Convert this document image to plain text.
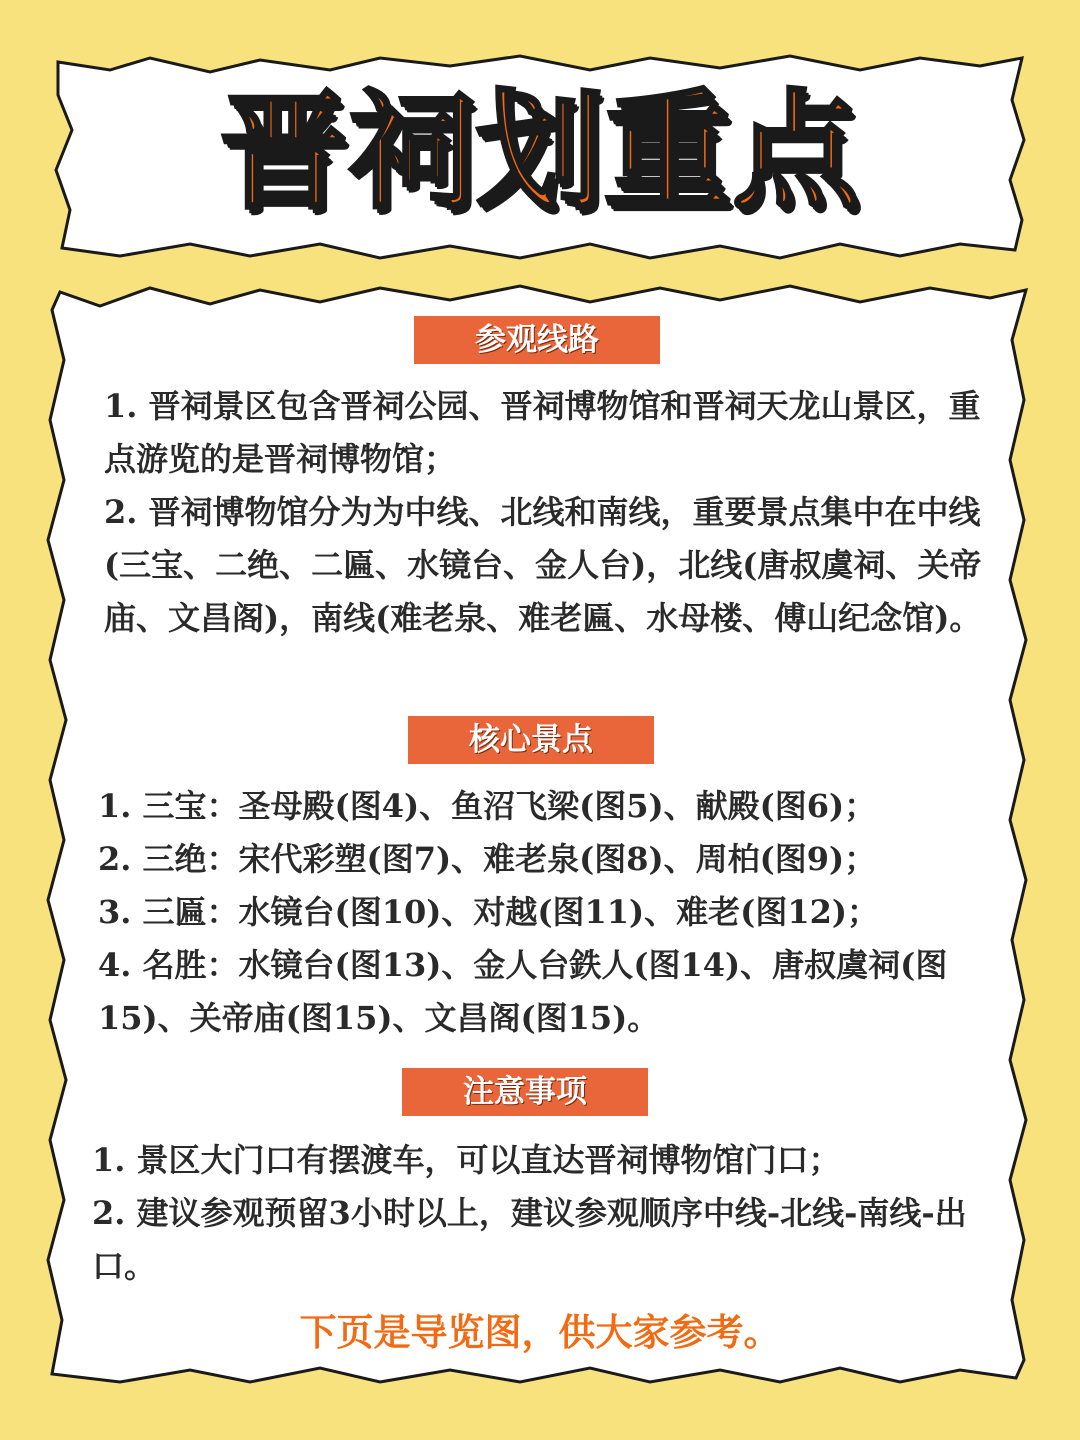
晋祠划重点
参观线路

1. 晋祠景区包含晋祠公园、晋祠博物馆和晋祠天龙山景区，重点游览的是晋祠博物馆；

2. 晋祠博物馆分为为中线、北线和南线，重要景点集中在中线(三宝、二绝、二匾、水镜台、金人台)，北线(唐叔虞祠、关帝庙、文昌阁)，南线(难老泉、难老匾、水母楼、傅山纪念馆)。

核心景点

1. 三宝：圣母殿(图4)、鱼沼飞梁(图5)、献殿(图6)；

2. 三绝：宋代彩塑(图7)、难老泉(图8)、周柏(图9)；

3. 三匾：水镜台(图10)、对越(图11)、难老(图12)；

4. 名胜：水镜台(图13)、金人台鉄人(图14)、唐叔虞祠(图15)、关帝庙(图15)、文昌阁(图15)。

注意事项

1. 景区大门口有摆渡车，可以直达晋祠博物馆门口；

2. 建议参观预留3小时以上，建议参观顺序中线-北线-南线-出口。

下页是导览图，供大家参考。
